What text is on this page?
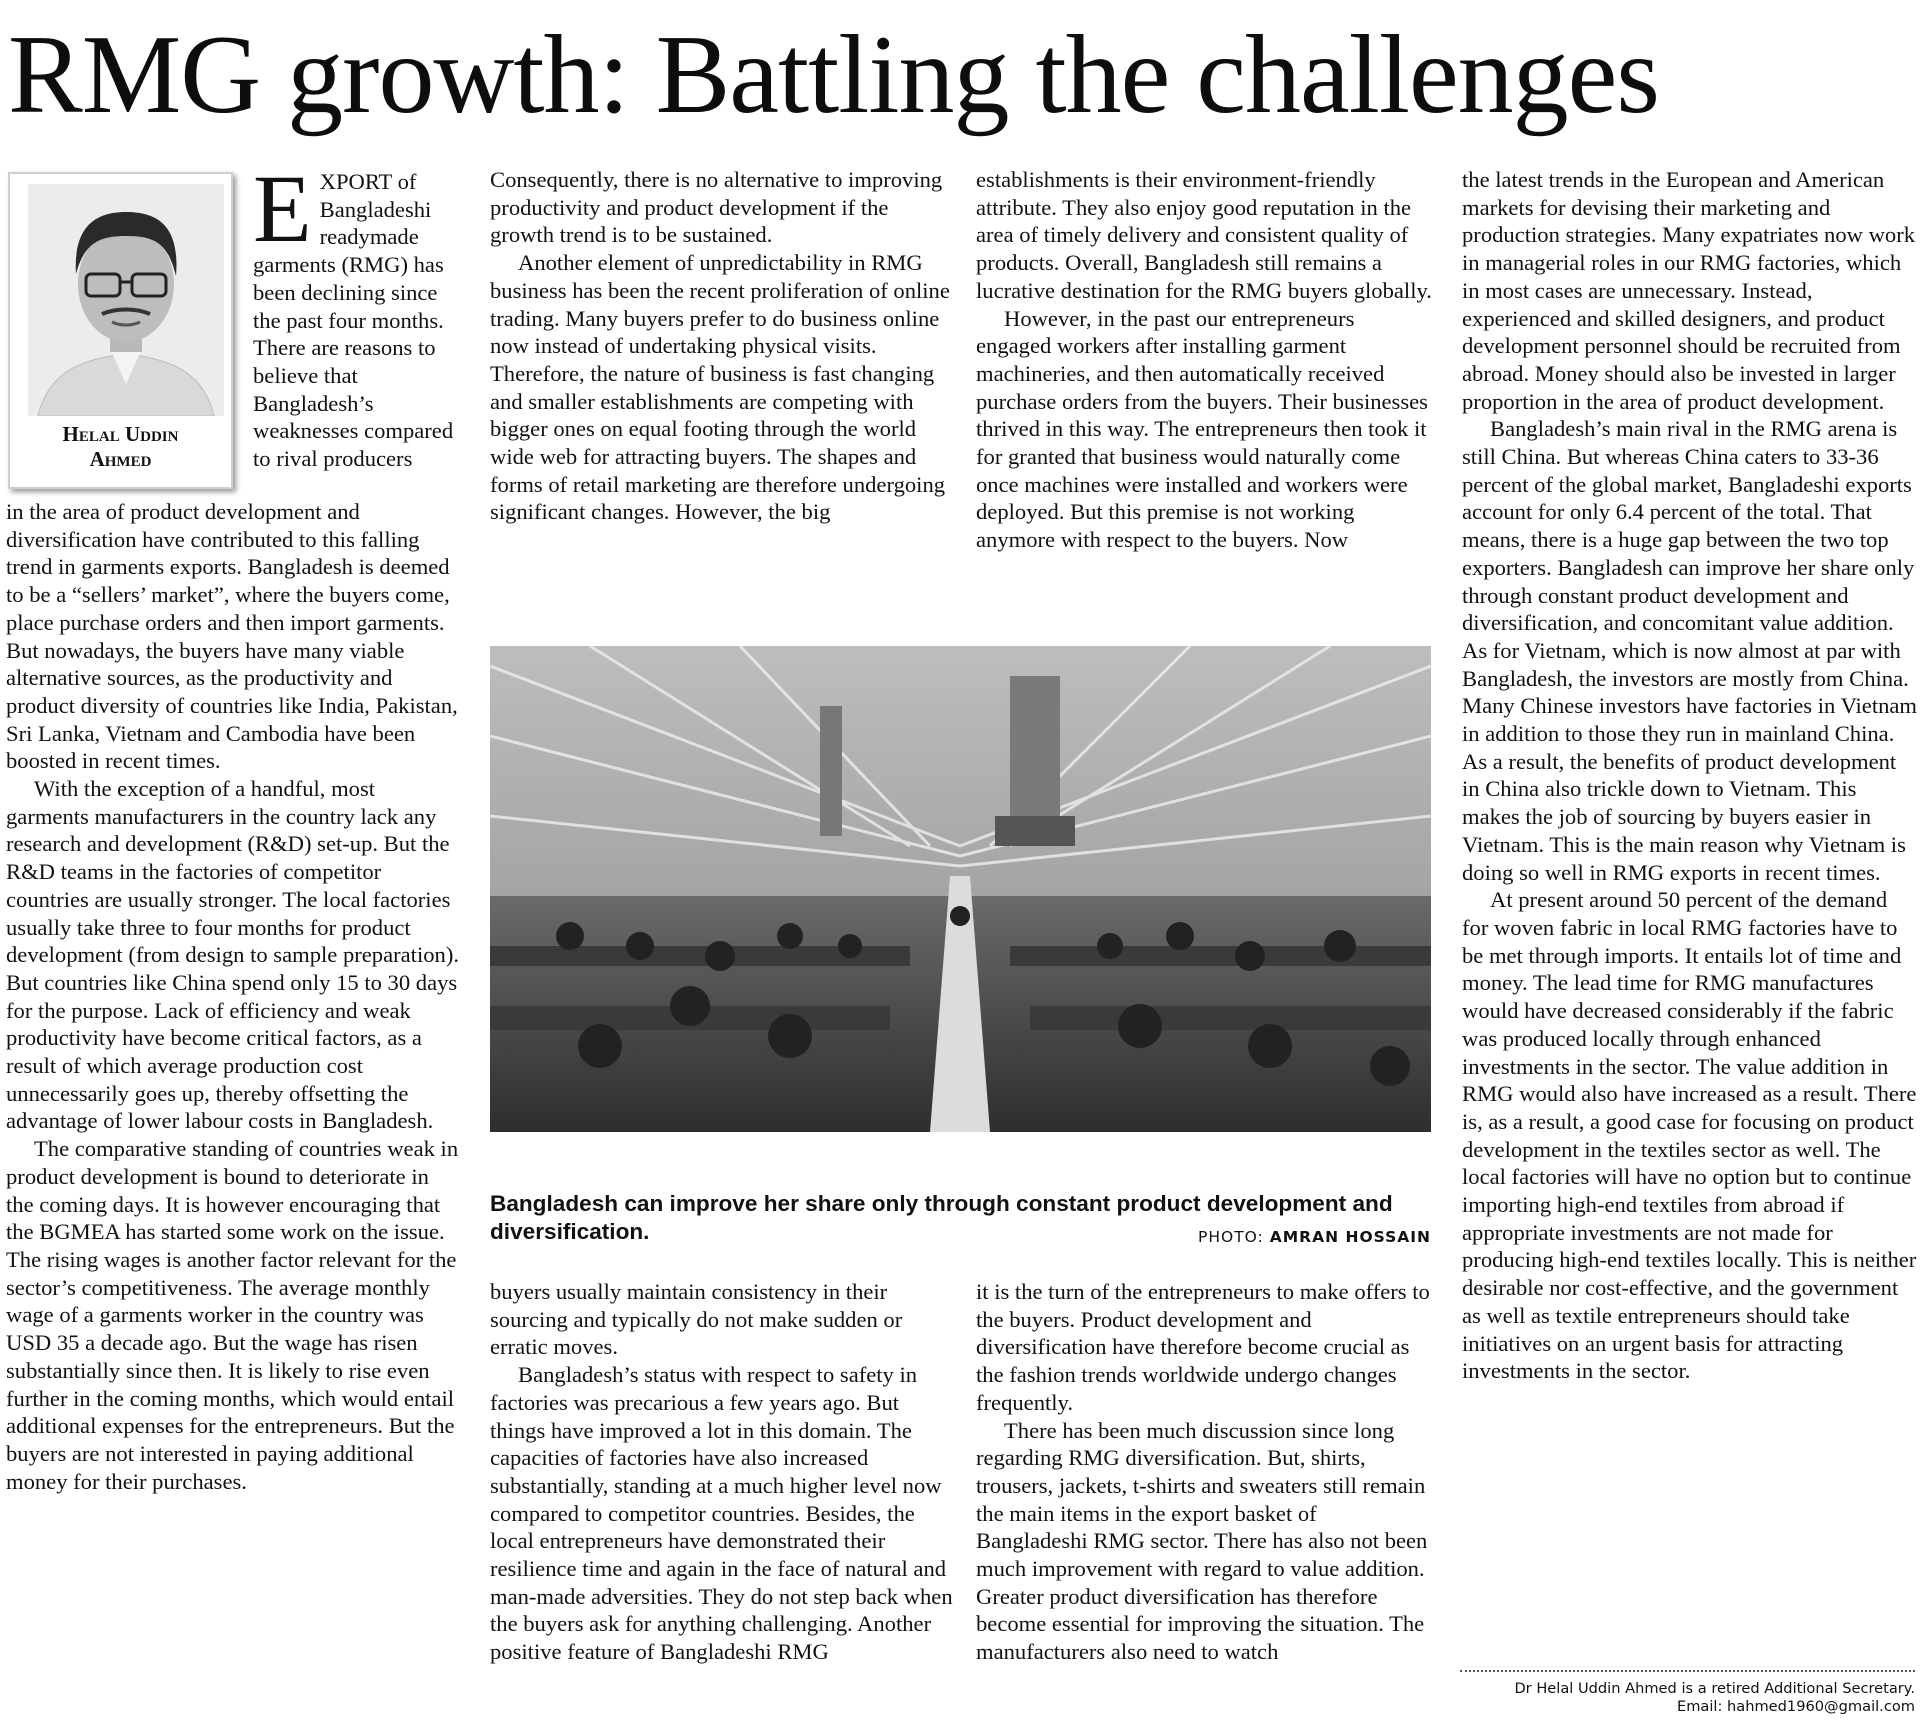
RMG growth: Battling the challenges
Helal Uddin
Ahmed

EXPORT of Bangladeshi readymade garments (RMG) has been declining since the past four months. There are reasons to believe that Bangladesh’s weaknesses compared to rival producers

in the area of product development and diversification have contributed to this falling trend in garments exports. Bangladesh is deemed to be a “sellers’ market”, where the buyers come, place purchase orders and then import garments. But nowadays, the buyers have many viable alternative sources, as the productivity and product diversity of countries like India, Pakistan, Sri Lanka, Vietnam and Cambodia have been boosted in recent times.

With the exception of a handful, most garments manufacturers in the country lack any research and development (R&D) set-up. But the R&D teams in the factories of competitor countries are usually stronger. The local factories usually take three to four months for product development (from design to sample preparation). But countries like China spend only 15 to 30 days for the purpose. Lack of efficiency and weak productivity have become critical factors, as a result of which average production cost unnecessarily goes up, thereby offsetting the advantage of lower labour costs in Bangladesh.

The comparative standing of countries weak in product development is bound to deteriorate in the coming days. It is however encouraging that the BGMEA has started some work on the issue. The rising wages is another factor relevant for the sector’s competitiveness. The average monthly wage of a garments worker in the country was USD 35 a decade ago. But the wage has risen substantially since then. It is likely to rise even further in the coming months, which would entail additional expenses for the entrepreneurs. But the buyers are not interested in paying additional money for their purchases.

Consequently, there is no alternative to improving productivity and product development if the growth trend is to be sustained.

Another element of unpredictability in RMG business has been the recent proliferation of online trading. Many buyers prefer to do business online now instead of undertaking physical visits. Therefore, the nature of business is fast changing and smaller establishments are competing with bigger ones on equal footing through the world wide web for attracting buyers. The shapes and forms of retail marketing are therefore undergoing significant changes. However, the big

establishments is their environment-friendly attribute. They also enjoy good reputation in the area of timely delivery and consistent quality of products. Overall, Bangladesh still remains a lucrative destination for the RMG buyers globally.

However, in the past our entrepreneurs engaged workers after installing garment machineries, and then automatically received purchase orders from the buyers. Their businesses thrived in this way. The entrepreneurs then took it for granted that business would naturally come once machines were installed and workers were deployed. But this premise is not working anymore with respect to the buyers. Now

Bangladesh can improve her share only through constant product development and diversification.	PHOTO: AMRAN HOSSAIN

buyers usually maintain consistency in their sourcing and typically do not make sudden or erratic moves.

Bangladesh’s status with respect to safety in factories was precarious a few years ago. But things have improved a lot in this domain. The capacities of factories have also increased substantially, standing at a much higher level now compared to competitor countries. Besides, the local entrepreneurs have demonstrated their resilience time and again in the face of natural and man-made adversities. They do not step back when the buyers ask for anything challenging. Another positive feature of Bangladeshi RMG

it is the turn of the entrepreneurs to make offers to the buyers. Product development and diversification have therefore become crucial as the fashion trends worldwide undergo changes frequently.

There has been much discussion since long regarding RMG diversification. But, shirts, trousers, jackets, t-shirts and sweaters still remain the main items in the export basket of Bangladeshi RMG sector. There has also not been much improvement with regard to value addition. Greater product diversification has therefore become essential for improving the situation. The manufacturers also need to watch

the latest trends in the European and American markets for devising their marketing and production strategies. Many expatriates now work in managerial roles in our RMG factories, which in most cases are unnecessary. Instead, experienced and skilled designers, and product development personnel should be recruited from abroad. Money should also be invested in larger proportion in the area of product development.

Bangladesh’s main rival in the RMG arena is still China. But whereas China caters to 33-36 percent of the global market, Bangladeshi exports account for only 6.4 percent of the total. That means, there is a huge gap between the two top exporters. Bangladesh can improve her share only through constant product development and diversification, and concomitant value addition. As for Vietnam, which is now almost at par with Bangladesh, the investors are mostly from China. Many Chinese investors have factories in Vietnam in addition to those they run in mainland China. As a result, the benefits of product development in China also trickle down to Vietnam. This makes the job of sourcing by buyers easier in Vietnam. This is the main reason why Vietnam is doing so well in RMG exports in recent times.

At present around 50 percent of the demand for woven fabric in local RMG factories have to be met through imports. It entails lot of time and money. The lead time for RMG manufactures would have decreased considerably if the fabric was produced locally through enhanced investments in the sector. The value addition in RMG would also have increased as a result. There is, as a result, a good case for focusing on product development in the textiles sector as well. The local factories will have no option but to continue importing high-end textiles from abroad if appropriate investments are not made for producing high-end textiles locally. This is neither desirable nor cost-effective, and the government as well as textile entrepreneurs should take initiatives on an urgent basis for attracting investments in the sector.

Dr Helal Uddin Ahmed is a retired Additional Secretary.
Email: hahmed1960@gmail.com
